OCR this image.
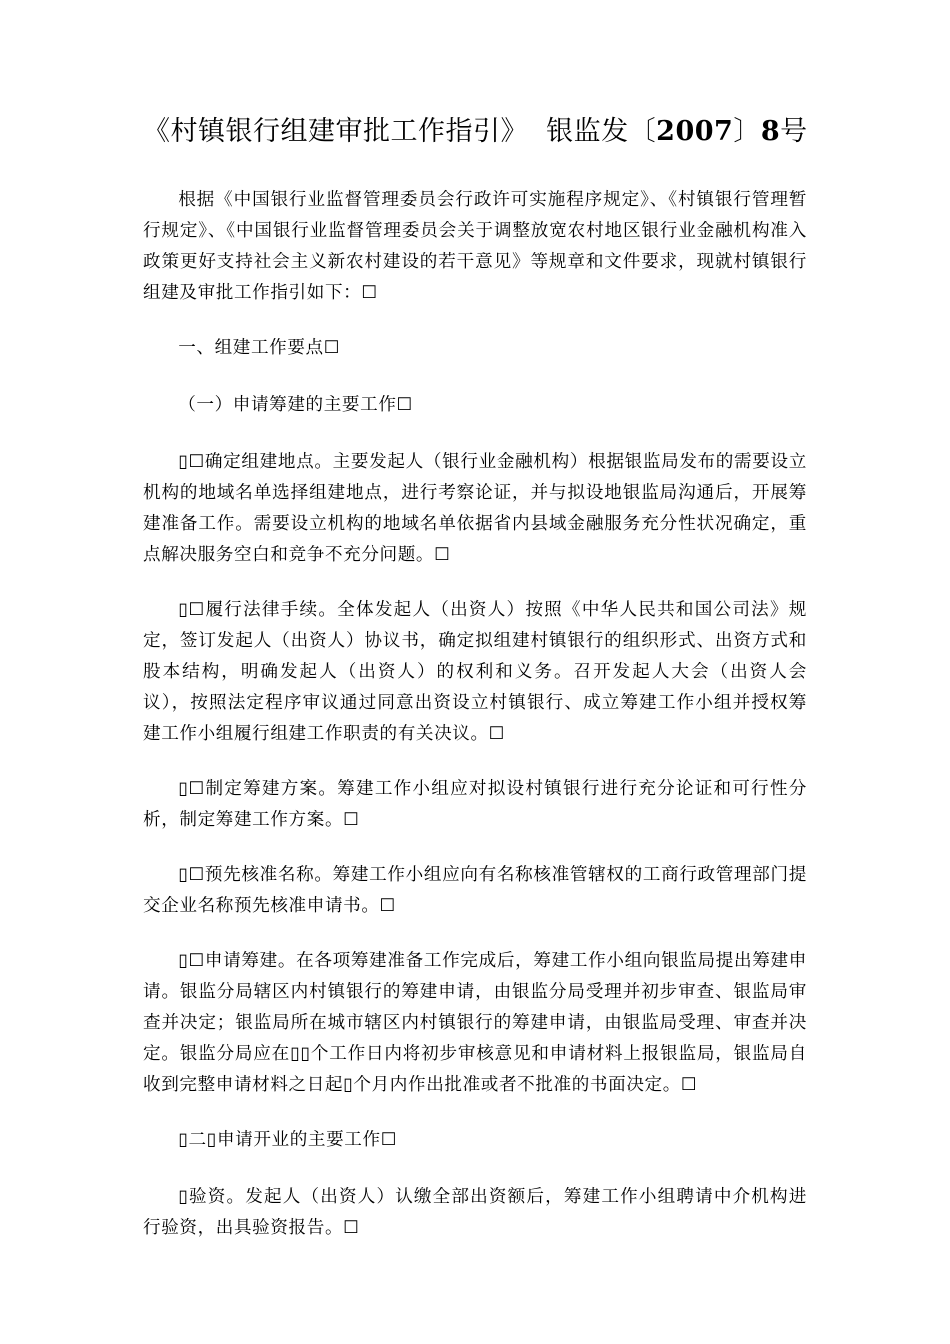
《村镇银行组建审批工作指引》 银监发〔2007〕8号

根据《中国银行业监督管理委员会行政许可实施程序规定》、《村镇银行管理暂行规定》、《中国银行业监督管理委员会关于调整放宽农村地区银行业金融机构准入政策更好支持社会主义新农村建设的若干意见》等规章和文件要求，现就村镇银行组建及审批工作指引如下：☐

一、组建工作要点☐

（一）申请筹建的主要工作☐

▯☐确定组建地点。主要发起人（银行业金融机构）根据银监局发布的需要设立机构的地域名单选择组建地点，进行考察论证，并与拟设地银监局沟通后，开展筹建准备工作。需要设立机构的地域名单依据省内县域金融服务充分性状况确定，重点解决服务空白和竞争不充分问题。☐

▯☐履行法律手续。全体发起人（出资人）按照《中华人民共和国公司法》规定，签订发起人（出资人）协议书，确定拟组建村镇银行的组织形式、出资方式和股本结构，明确发起人（出资人）的权利和义务。召开发起人大会（出资人会议），按照法定程序审议通过同意出资设立村镇银行、成立筹建工作小组并授权筹建工作小组履行组建工作职责的有关决议。☐

▯☐制定筹建方案。筹建工作小组应对拟设村镇银行进行充分论证和可行性分析，制定筹建工作方案。☐

▯☐预先核准名称。筹建工作小组应向有名称核准管辖权的工商行政管理部门提交企业名称预先核准申请书。☐

▯☐申请筹建。在各项筹建准备工作完成后，筹建工作小组向银监局提出筹建申请。银监分局辖区内村镇银行的筹建申请，由银监分局受理并初步审查、银监局审查并决定；银监局所在城市辖区内村镇银行的筹建申请，由银监局受理、审查并决定。银监分局应在▯▯个工作日内将初步审核意见和申请材料上报银监局，银监局自收到完整申请材料之日起▯个月内作出批准或者不批准的书面决定。☐

▯二▯申请开业的主要工作☐

▯验资。发起人（出资人）认缴全部出资额后，筹建工作小组聘请中介机构进行验资，出具验资报告。☐
